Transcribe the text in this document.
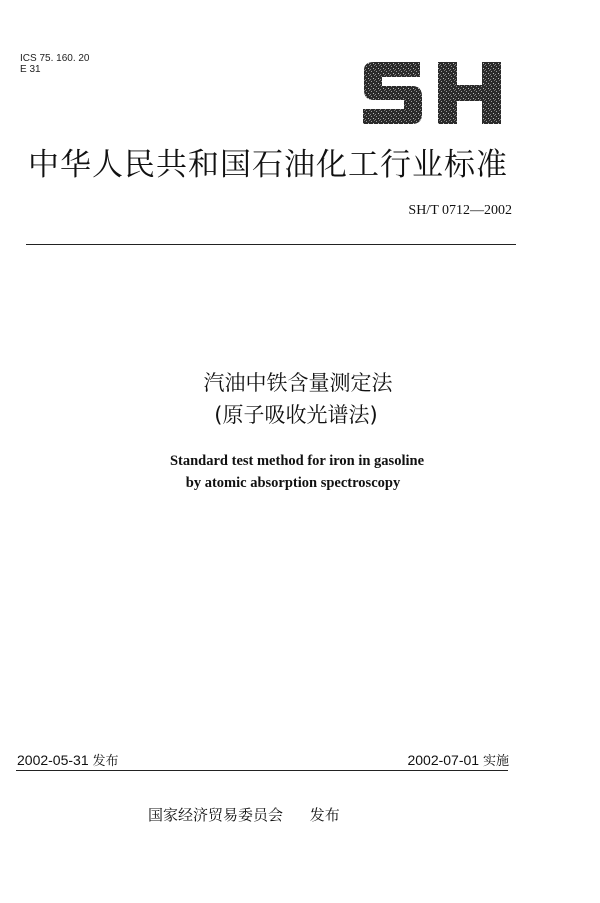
ICS 75. 160. 20
E 31
中华人民共和国石油化工行业标准
SH/T 0712—2002
汽油中铁含量测定法
(原子吸收光谱法)
Standard test method for iron in gasoline
by atomic absorption spectroscopy
2002-05-31 发布	2002-07-01 实施
国家经济贸易委员会 发布
